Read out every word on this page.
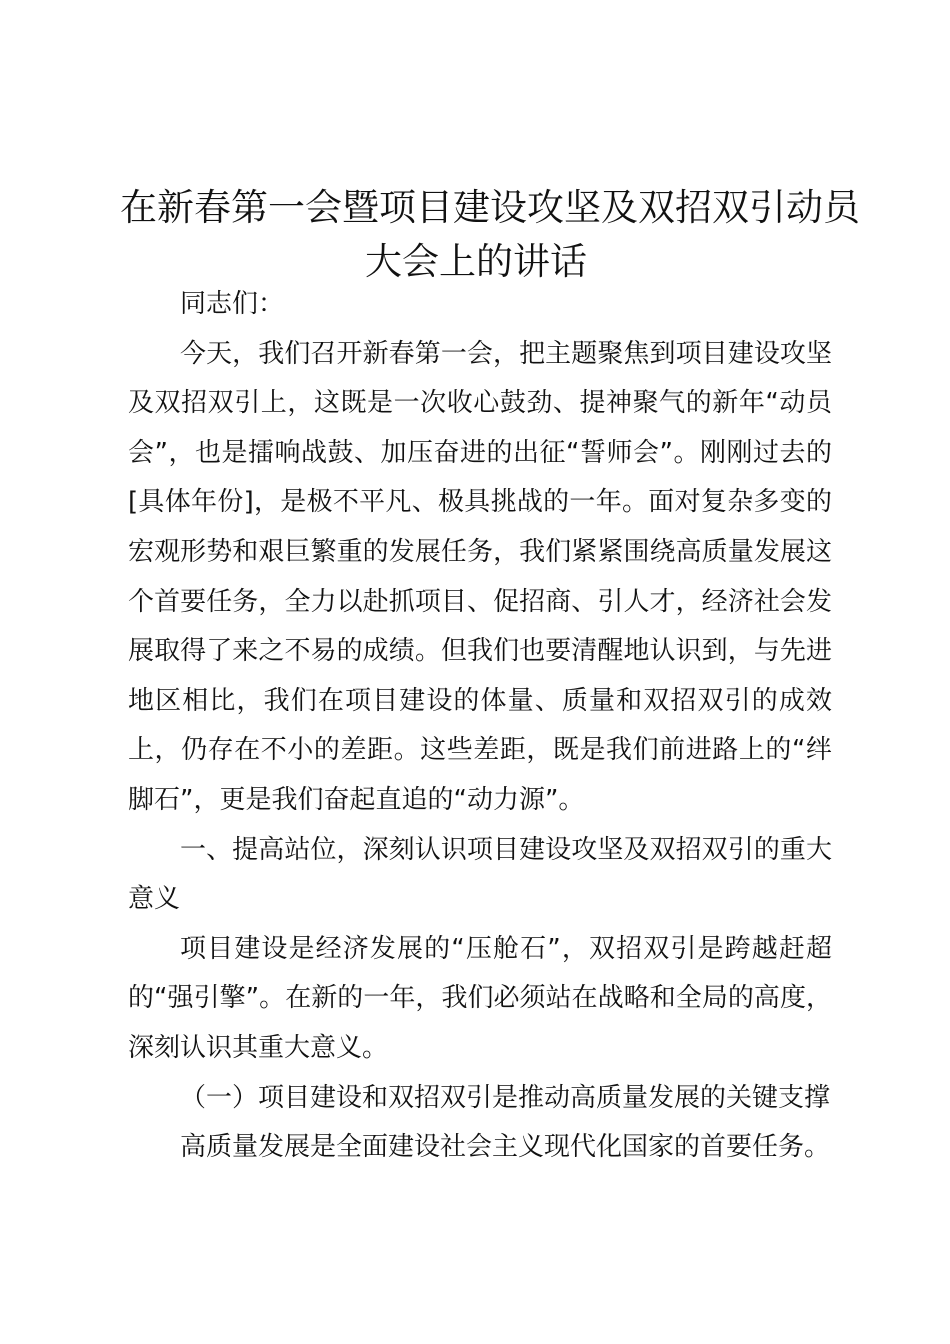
在新春第一会暨项目建设攻坚及双招双引动员
大会上的讲话

同志们：

今天，我们召开新春第一会，把主题聚焦到项目建设攻坚及双招双引上，这既是一次收心鼓劲、提神聚气的新年“动员会”，也是擂响战鼓、加压奋进的出征“誓师会”。刚刚过去的[具体年份]，是极不平凡、极具挑战的一年。面对复杂多变的宏观形势和艰巨繁重的发展任务，我们紧紧围绕高质量发展这个首要任务，全力以赴抓项目、促招商、引人才，经济社会发展取得了来之不易的成绩。但我们也要清醒地认识到，与先进地区相比，我们在项目建设的体量、质量和双招双引的成效上，仍存在不小的差距。这些差距，既是我们前进路上的“绊脚石”，更是我们奋起直追的“动力源”。

一、提高站位，深刻认识项目建设攻坚及双招双引的重大意义

项目建设是经济发展的“压舱石”，双招双引是跨越赶超的“强引擎”。在新的一年，我们必须站在战略和全局的高度，深刻认识其重大意义。

（一）项目建设和双招双引是推动高质量发展的关键支撑

高质量发展是全面建设社会主义现代化国家的首要任务。
